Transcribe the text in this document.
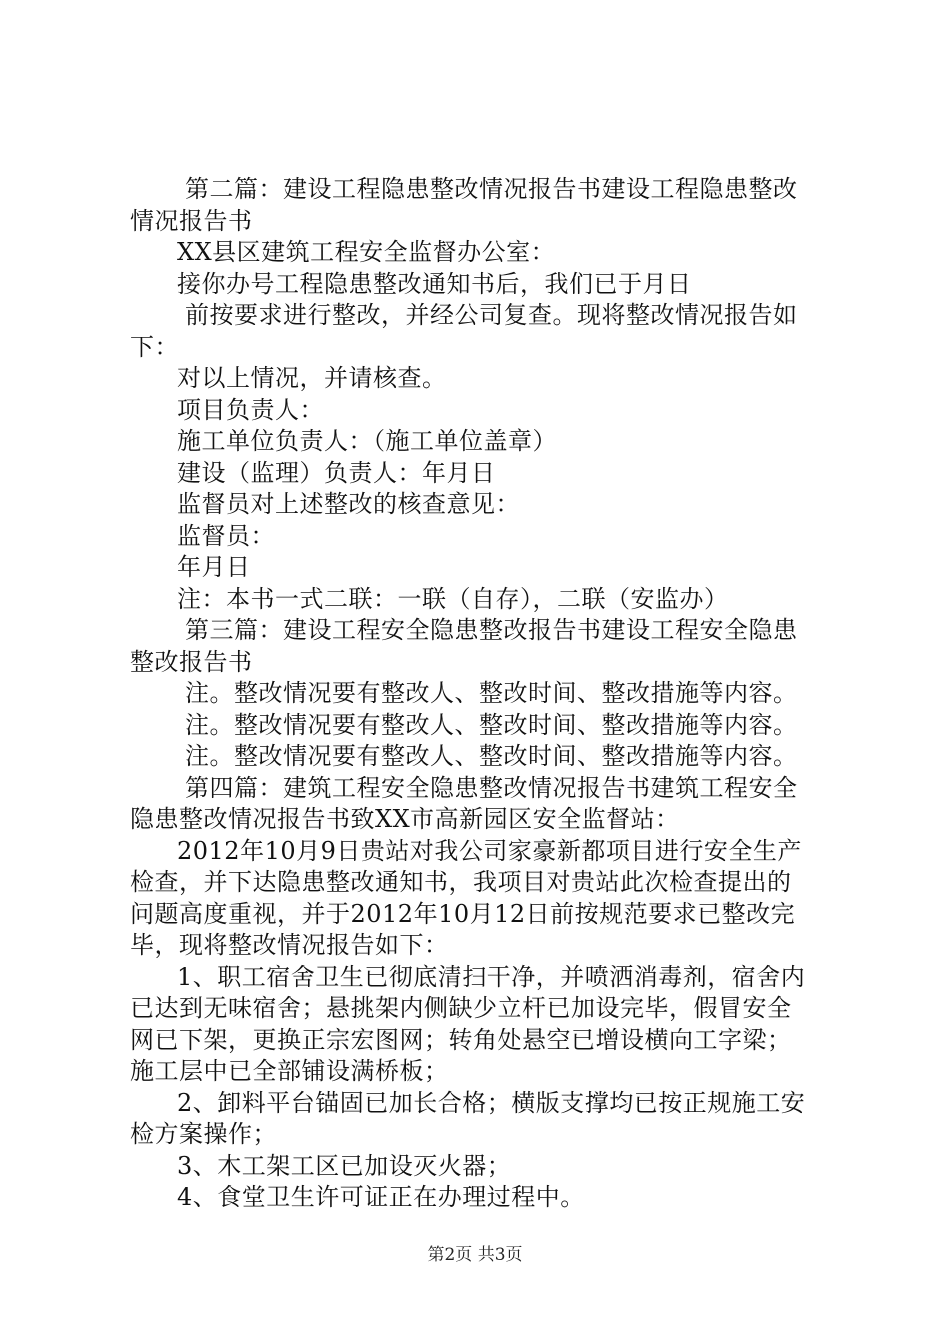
第二篇：建设工程隐患整改情况报告书建设工程隐患整改
情况报告书
XX县区建筑工程安全监督办公室：
接你办号工程隐患整改通知书后，我们已于月日
前按要求进行整改，并经公司复查。现将整改情况报告如
下：
对以上情况，并请核查。
项目负责人：
施工单位负责人：（施工单位盖章）
建设（监理）负责人：年月日
监督员对上述整改的核查意见：
监督员：
年月日
注：本书一式二联：一联（自存），二联（安监办）
第三篇：建设工程安全隐患整改报告书建设工程安全隐患
整改报告书
注。整改情况要有整改人、整改时间、整改措施等内容。
注。整改情况要有整改人、整改时间、整改措施等内容。
注。整改情况要有整改人、整改时间、整改措施等内容。
第四篇：建筑工程安全隐患整改情况报告书建筑工程安全
隐患整改情况报告书致XX市高新园区安全监督站：
2012年10月9日贵站对我公司家豪新都项目进行安全生产
检查，并下达隐患整改通知书，我项目对贵站此次检查提出的
问题高度重视，并于2012年10月12日前按规范要求已整改完
毕，现将整改情况报告如下：
1、职工宿舍卫生已彻底清扫干净，并喷洒消毒剂，宿舍内
已达到无味宿舍；悬挑架内侧缺少立杆已加设完毕，假冒安全
网已下架，更换正宗宏图网；转角处悬空已增设横向工字梁；
施工层中已全部铺设满桥板；
2、卸料平台锚固已加长合格；横版支撑均已按正规施工安
检方案操作；
3、木工架工区已加设灭火器；
4、食堂卫生许可证正在办理过程中。
第2页 共3页
